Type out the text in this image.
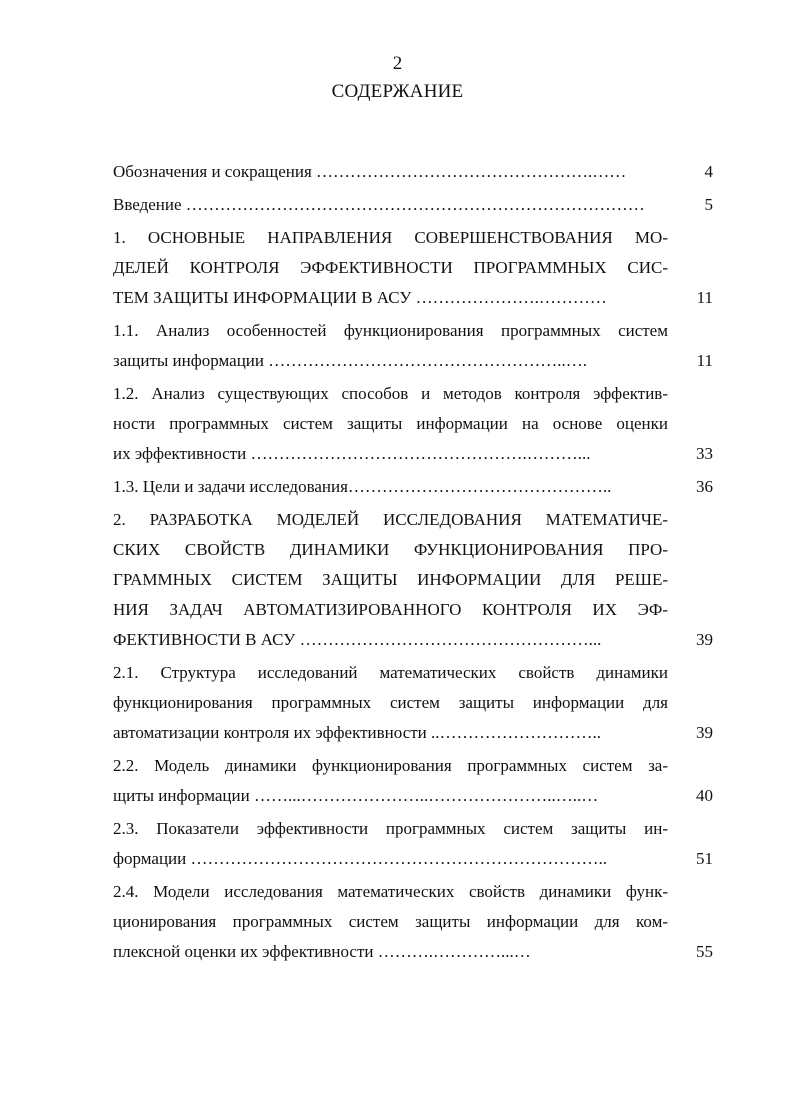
2
СОДЕРЖАНИЕ
Обозначения и сокращения ………………………………………….……	4
Введение ………………………………………………………………………	5
1. ОСНОВНЫЕ НАПРАВЛЕНИЯ СОВЕРШЕНСТВОВАНИЯ МО-
ДЕЛЕЙ КОНТРОЛЯ ЭФФЕКТИВНОСТИ ПРОГРАММНЫХ СИС-
ТЕМ ЗАЩИТЫ ИНФОРМАЦИИ В АСУ ………………….…………	11
1.1. Анализ особенностей функционирования программных систем
защиты информации ……………………………………………..….	11
1.2. Анализ существующих способов и методов контроля эффектив-
ности программных систем защиты информации на основе оценки
их эффективности ………………………………………….………...	33
1.3. Цели и задачи исследования………………………………………..	36
2. РАЗРАБОТКА МОДЕЛЕЙ ИССЛЕДОВАНИЯ МАТЕМАТИЧЕ-
СКИХ СВОЙСТВ ДИНАМИКИ ФУНКЦИОНИРОВАНИЯ ПРО-
ГРАММНЫХ СИСТЕМ ЗАЩИТЫ ИНФОРМАЦИИ ДЛЯ РЕШЕ-
НИЯ ЗАДАЧ АВТОМАТИЗИРОВАННОГО КОНТРОЛЯ ИХ ЭФ-
ФЕКТИВНОСТИ В АСУ ……………………………………………...	39
2.1. Структура исследований математических свойств динамики
функционирования программных систем защиты информации для
автоматизации контроля их эффективности ..………………………..	39
2.2. Модель динамики функционирования программных систем за-
щиты информации ……...…………………..…………………..…..…	40
2.3. Показатели эффективности программных систем защиты ин-
формации ………………………………………………………………..	51
2.4. Модели исследования математических свойств динамики функ-
ционирования программных систем защиты информации для ком-
плексной оценки их эффективности ……….…………...…	55
